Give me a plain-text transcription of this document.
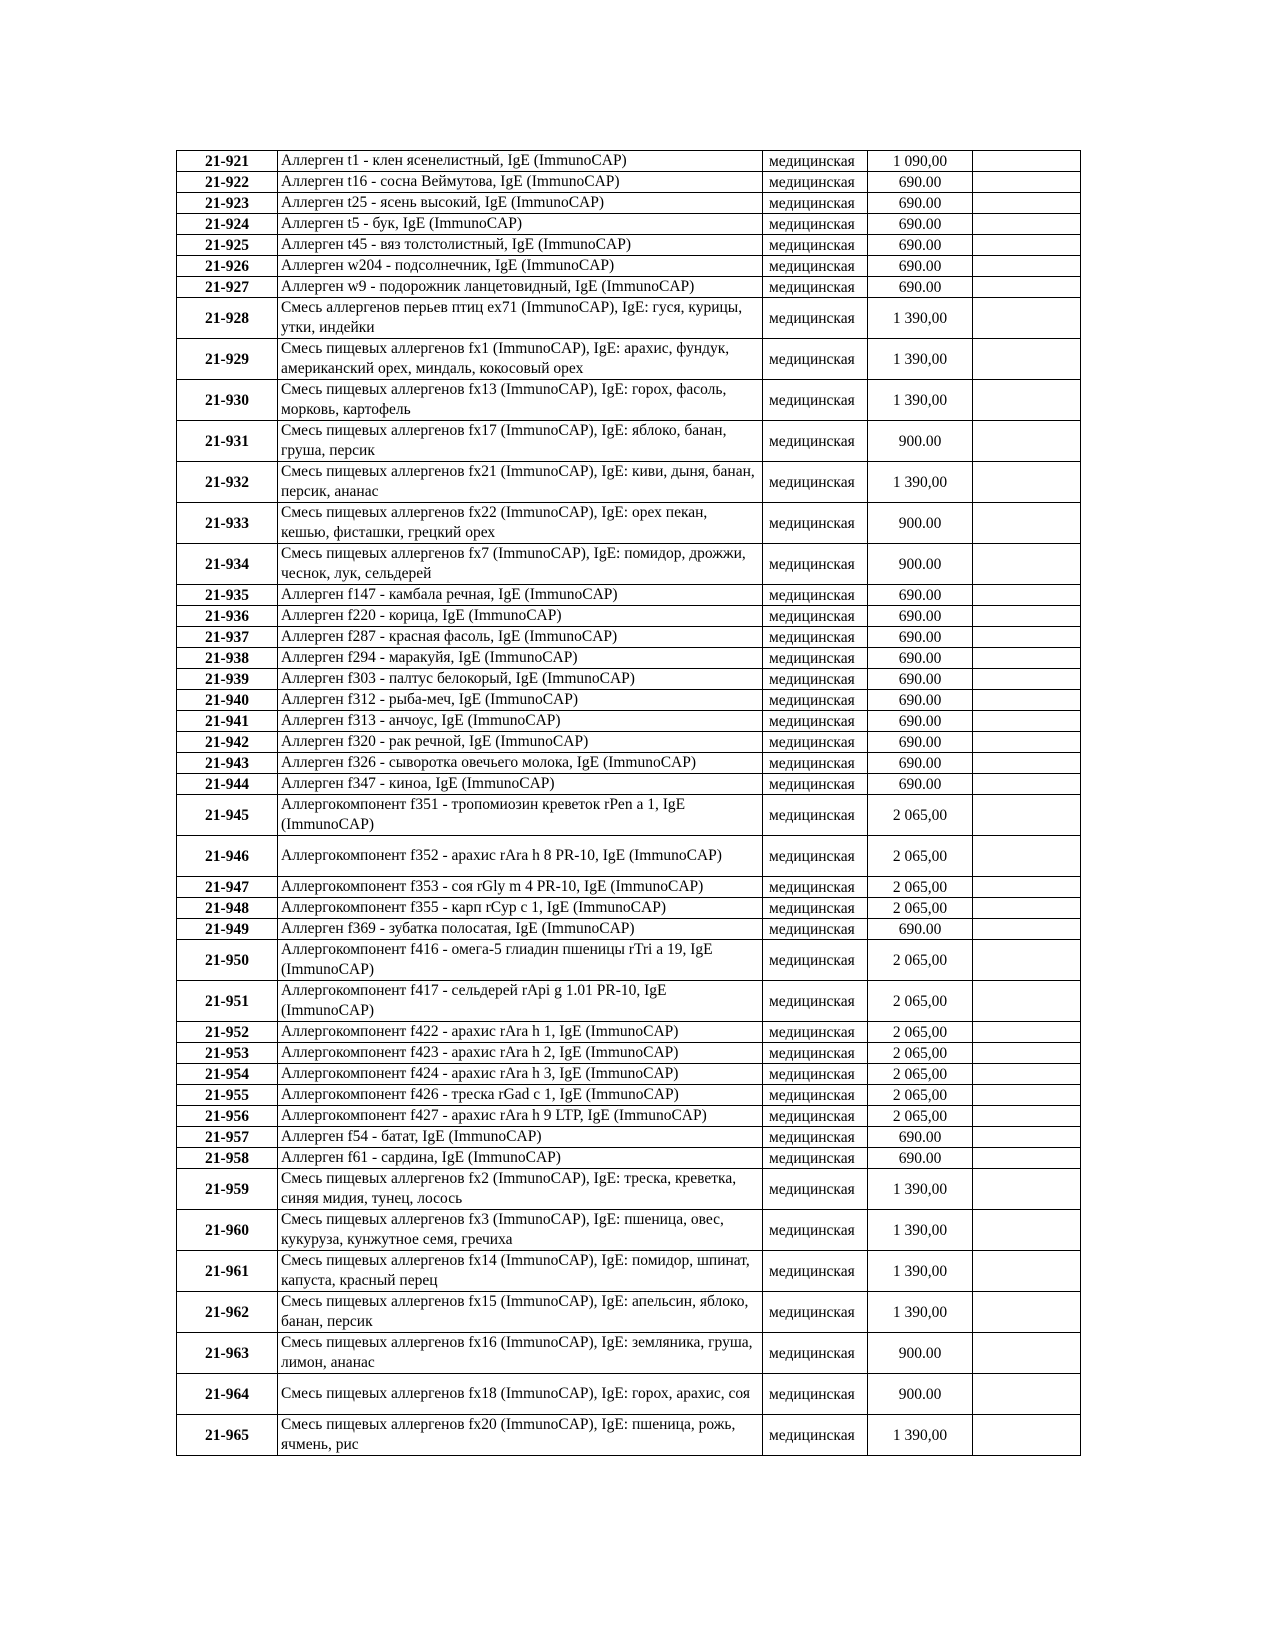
21-921	Аллерген t1 - клен ясенелистный, IgE (ImmunoCAP)	медицинская	1 090,00	
21-922	Аллерген t16 - сосна Веймутова, IgE (ImmunoCAP)	медицинская	690.00	
21-923	Аллерген t25 - ясень высокий, IgE (ImmunoCAP)	медицинская	690.00	
21-924	Аллерген t5 - бук, IgE (ImmunoCAP)	медицинская	690.00	
21-925	Аллерген t45 - вяз толстолистный, IgE (ImmunoCAP)	медицинская	690.00	
21-926	Аллерген w204 - подсолнечник, IgE (ImmunoCAP)	медицинская	690.00	
21-927	Аллерген w9 - подорожник ланцетовидный, IgE (ImmunoCAP)	медицинская	690.00	
21-928	Смесь аллергенов перьев птиц ex71 (ImmunoCAP), IgE: гуся, курицы, утки, индейки	медицинская	1 390,00	
21-929	Смесь пищевых аллергенов fx1 (ImmunoCAP), IgE: арахис, фундук, американский орех, миндаль, кокосовый орех	медицинская	1 390,00	
21-930	Смесь пищевых аллергенов fx13 (ImmunoCAP), IgE: горох, фасоль, морковь, картофель	медицинская	1 390,00	
21-931	Смесь пищевых аллергенов fx17 (ImmunoCAP), IgE: яблоко, банан, груша, персик	медицинская	900.00	
21-932	Смесь пищевых аллергенов fx21 (ImmunoCAP), IgE: киви, дыня, банан, персик, ананас	медицинская	1 390,00	
21-933	Смесь пищевых аллергенов fx22 (ImmunoCAP), IgE: орех пекан, кешью, фисташки, грецкий орех	медицинская	900.00	
21-934	Смесь пищевых аллергенов fx7 (ImmunoCAP), IgE: помидор, дрожжи, чеснок, лук, сельдерей	медицинская	900.00	
21-935	Аллерген f147 - камбала речная, IgE (ImmunoCAP)	медицинская	690.00	
21-936	Аллерген f220 - корица, IgE (ImmunoCAP)	медицинская	690.00	
21-937	Аллерген f287 - красная фасоль, IgE (ImmunoCAP)	медицинская	690.00	
21-938	Аллерген f294 - маракуйя, IgE (ImmunoCAP)	медицинская	690.00	
21-939	Аллерген f303 - палтус белокорый, IgE (ImmunoCAP)	медицинская	690.00	
21-940	Аллерген f312 - рыба-меч, IgE (ImmunoCAP)	медицинская	690.00	
21-941	Аллерген f313 - анчоус, IgE (ImmunoCAP)	медицинская	690.00	
21-942	Аллерген f320 - рак речной, IgE (ImmunoCAP)	медицинская	690.00	
21-943	Аллерген f326 - сыворотка овечьего молока, IgE (ImmunoCAP)	медицинская	690.00	
21-944	Аллерген f347 - киноа, IgE (ImmunoCAP)	медицинская	690.00	
21-945	Аллергокомпонент f351 - тропомиозин креветок rPen a 1, IgE (ImmunoCAP)	медицинская	2 065,00	
21-946	Аллергокомпонент f352 - арахис rAra h 8 PR-10, IgE (ImmunoCAP)	медицинская	2 065,00	
21-947	Аллергокомпонент f353 - соя rGly m 4 PR-10, IgE (ImmunoCAP)	медицинская	2 065,00	
21-948	Аллергокомпонент f355 - карп rCyp c 1, IgE (ImmunoCAP)	медицинская	2 065,00	
21-949	Аллерген f369 - зубатка полосатая, IgE (ImmunoCAP)	медицинская	690.00	
21-950	Аллергокомпонент f416 - омега-5 глиадин пшеницы rTri a 19, IgE (ImmunoCAP)	медицинская	2 065,00	
21-951	Аллергокомпонент f417 - сельдерей rApi g 1.01 PR-10, IgE (ImmunoCAP)	медицинская	2 065,00	
21-952	Аллергокомпонент f422 - арахис rAra h 1, IgE (ImmunoCAP)	медицинская	2 065,00	
21-953	Аллергокомпонент f423 - арахис rAra h 2, IgE (ImmunoCAP)	медицинская	2 065,00	
21-954	Аллергокомпонент f424 - арахис rAra h 3, IgE (ImmunoCAP)	медицинская	2 065,00	
21-955	Аллергокомпонент f426 - треска rGad c 1, IgE (ImmunoCAP)	медицинская	2 065,00	
21-956	Аллергокомпонент f427 - арахис rAra h 9 LTP, IgE (ImmunoCAP)	медицинская	2 065,00	
21-957	Аллерген f54 - батат, IgE (ImmunoCAP)	медицинская	690.00	
21-958	Аллерген f61 - сардина, IgE (ImmunoCAP)	медицинская	690.00	
21-959	Смесь пищевых аллергенов fx2 (ImmunoCAP), IgE: треска, креветка, синяя мидия, тунец, лосось	медицинская	1 390,00	
21-960	Смесь пищевых аллергенов fx3 (ImmunoCAP), IgE: пшеница, овес, кукуруза, кунжутное семя, гречиха	медицинская	1 390,00	
21-961	Смесь пищевых аллергенов fx14 (ImmunoCAP), IgE: помидор, шпинат, капуста, красный перец	медицинская	1 390,00	
21-962	Смесь пищевых аллергенов fx15 (ImmunoCAP), IgE: апельсин, яблоко, банан, персик	медицинская	1 390,00	
21-963	Смесь пищевых аллергенов fx16 (ImmunoCAP), IgE: земляника, груша, лимон, ананас	медицинская	900.00	
21-964	Смесь пищевых аллергенов fx18 (ImmunoCAP), IgE: горох, арахис, соя	медицинская	900.00	
21-965	Смесь пищевых аллергенов fx20 (ImmunoCAP), IgE: пшеница, рожь, ячмень, рис	медицинская	1 390,00	
